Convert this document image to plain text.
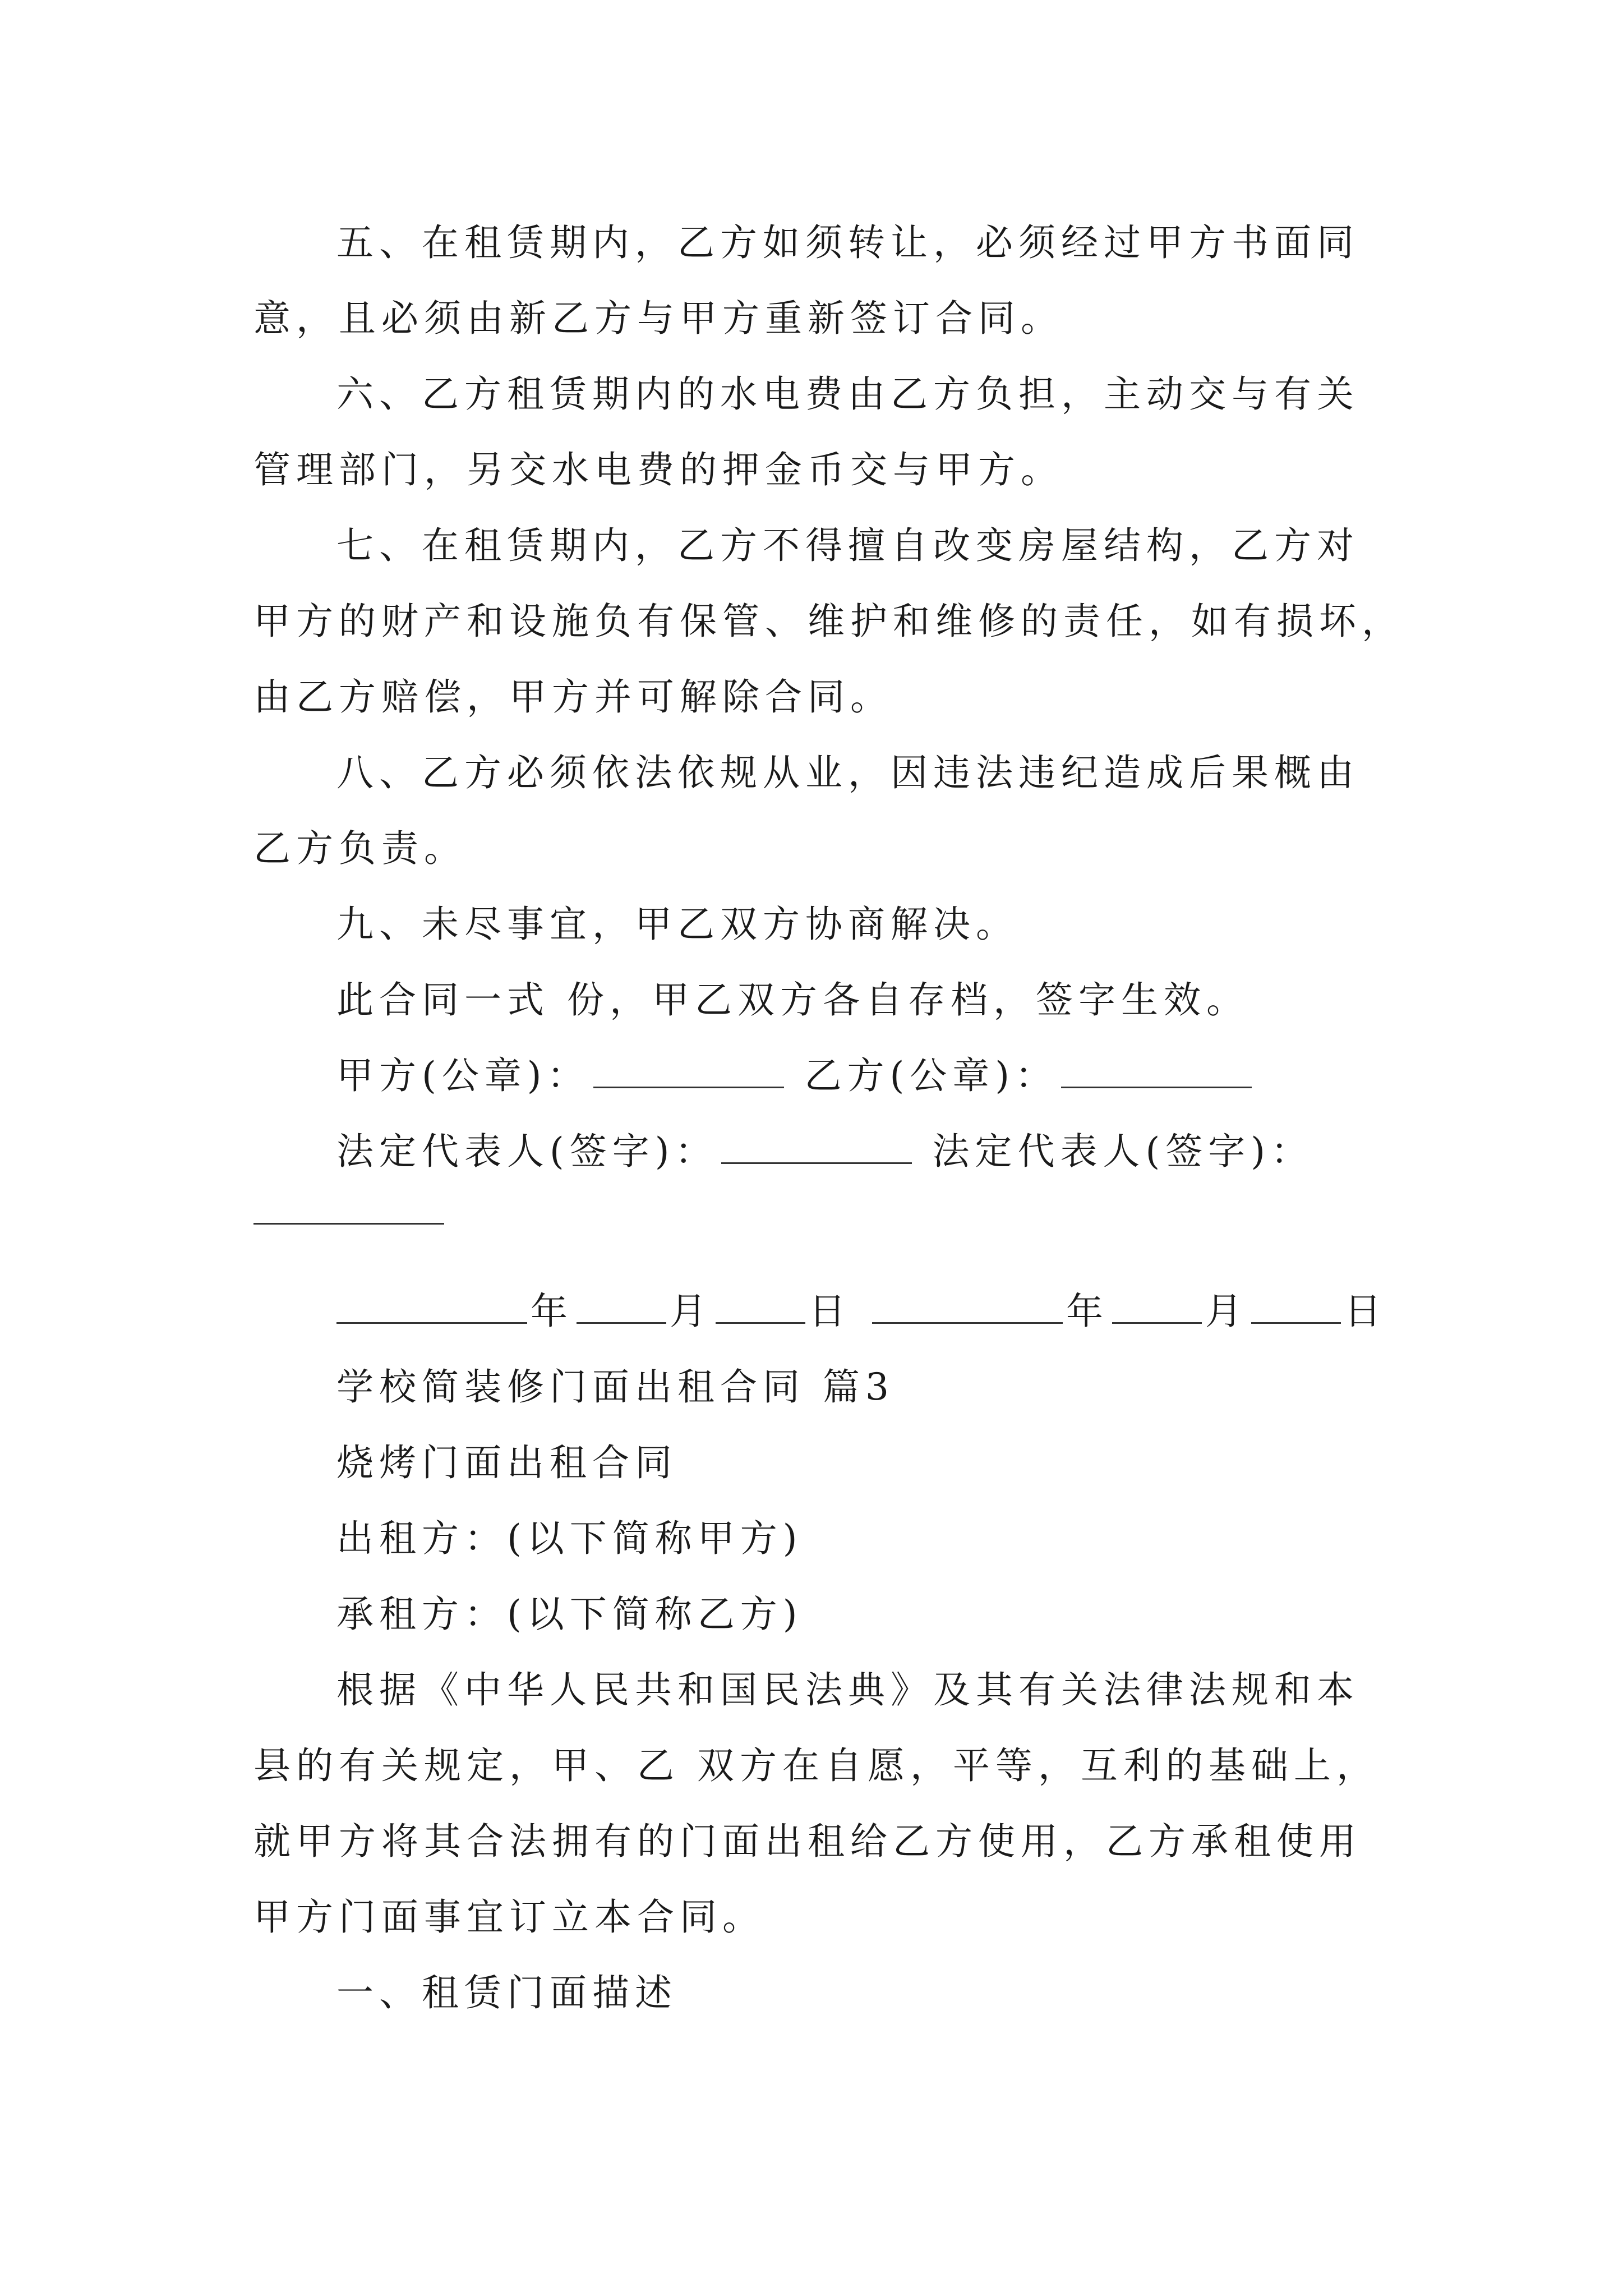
五、在租赁期内，乙方如须转让，必须经过甲方书面同

意，且必须由新乙方与甲方重新签订合同。

六、乙方租赁期内的水电费由乙方负担，主动交与有关

管理部门，另交水电费的押金币交与甲方。

七、在租赁期内，乙方不得擅自改变房屋结构，乙方对

甲方的财产和设施负有保管、维护和维修的责任，如有损坏，

由乙方赔偿，甲方并可解除合同。

八、乙方必须依法依规从业，因违法违纪造成后果概由

乙方负责。

九、未尽事宜，甲乙双方协商解决。

此合同一式 份，甲乙双方各自存档，签字生效。

甲方(公章)：	乙方(公章)：

法定代表人(签字)：	法定代表人(签字)：

年	月	日	年	月	日

学校简装修门面出租合同 篇3

烧烤门面出租合同

出租方：(以下简称甲方)

承租方：(以下简称乙方)

根据《中华人民共和国民法典》及其有关法律法规和本

县的有关规定，甲、乙 双方在自愿，平等，互利的基础上，

就甲方将其合法拥有的门面出租给乙方使用，乙方承租使用

甲方门面事宜订立本合同。

一、租赁门面描述
